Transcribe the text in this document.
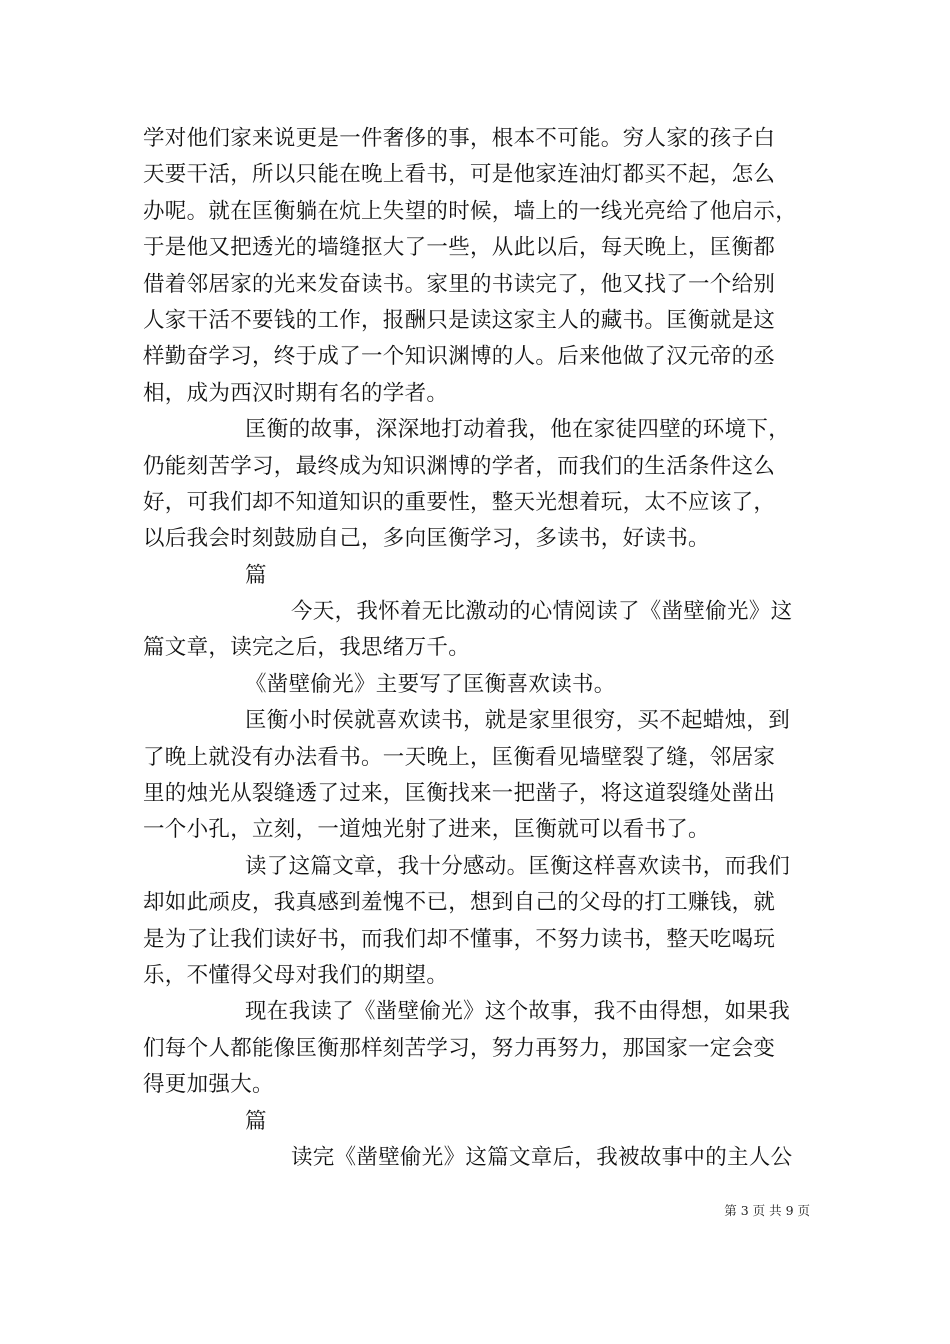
学对他们家来说更是一件奢侈的事，根本不可能。穷人家的孩子白
天要干活，所以只能在晚上看书，可是他家连油灯都买不起，怎么
办呢。就在匡衡躺在炕上失望的时候，墙上的一线光亮给了他启示，
于是他又把透光的墙缝抠大了一些，从此以后，每天晚上，匡衡都
借着邻居家的光来发奋读书。家里的书读完了，他又找了一个给别
人家干活不要钱的工作，报酬只是读这家主人的藏书。匡衡就是这
样勤奋学习，终于成了一个知识渊博的人。后来他做了汉元帝的丞
相，成为西汉时期有名的学者。
匡衡的故事，深深地打动着我，他在家徒四壁的环境下，
仍能刻苦学习，最终成为知识渊博的学者，而我们的生活条件这么
好，可我们却不知道知识的重要性，整天光想着玩，太不应该了，
以后我会时刻鼓励自己，多向匡衡学习，多读书，好读书。
篇
今天，我怀着无比激动的心情阅读了《凿壁偷光》这
篇文章，读完之后，我思绪万千。
《凿壁偷光》主要写了匡衡喜欢读书。
匡衡小时侯就喜欢读书，就是家里很穷，买不起蜡烛，到
了晚上就没有办法看书。一天晚上，匡衡看见墙壁裂了缝，邻居家
里的烛光从裂缝透了过来，匡衡找来一把凿子，将这道裂缝处凿出
一个小孔，立刻，一道烛光射了进来，匡衡就可以看书了。
读了这篇文章，我十分感动。匡衡这样喜欢读书，而我们
却如此顽皮，我真感到羞愧不已，想到自己的父母的打工赚钱，就
是为了让我们读好书，而我们却不懂事，不努力读书，整天吃喝玩
乐，不懂得父母对我们的期望。
现在我读了《凿壁偷光》这个故事，我不由得想，如果我
们每个人都能像匡衡那样刻苦学习，努力再努力，那国家一定会变
得更加强大。
篇
读完《凿壁偷光》这篇文章后，我被故事中的主人公
第 3 页 共 9 页
